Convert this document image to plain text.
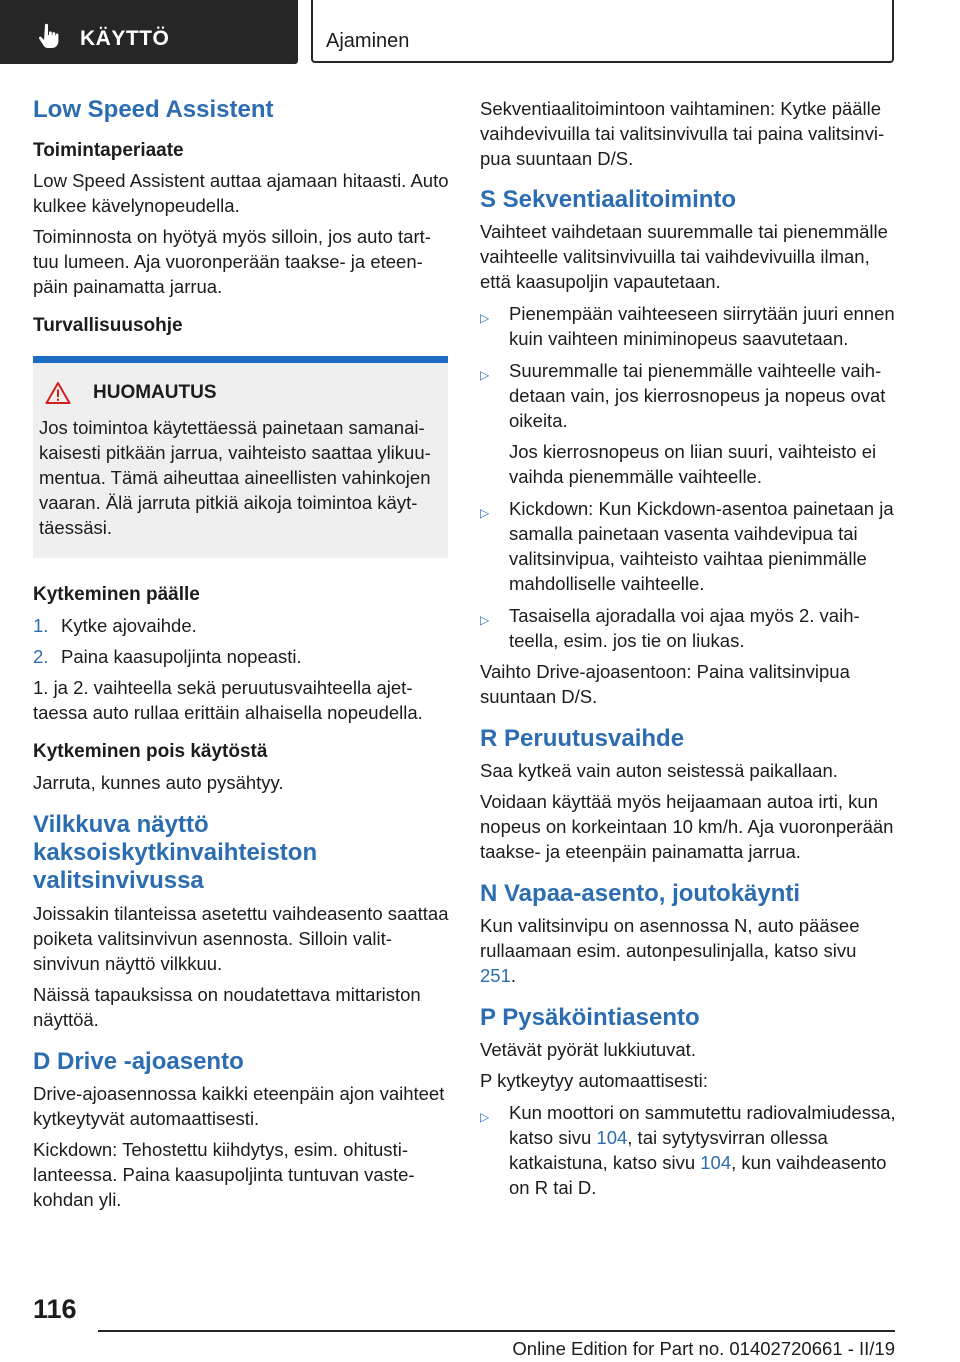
KÄYTTÖ	Ajaminen
Low Speed Assistent
Toimintaperiaate

Low Speed Assistent auttaa ajamaan hitaasti. Auto kulkee kävelynopeudella.

Toiminnosta on hyötyä myös silloin, jos auto tarttuu lumeen. Aja vuoronperään taakse- ja eteenpäin painamatta jarrua.

Turvallisuusohje
HUOMAUTUS

Jos toimintoa käytettäessä painetaan samanaikaisesti pitkään jarrua, vaihteisto saattaa ylikuumentua. Tämä aiheuttaa aineellisten vahinkojen vaaran. Älä jarruta pitkiä aikoja toimintoa käyttäessäsi.

Kytkeminen päälle
1. Kytke ajovaihde.
2. Paina kaasupoljinta nopeasti.

1. ja 2. vaihteella sekä peruutusvaihteella ajettaessa auto rullaa erittäin alhaisella nopeudella.

Kytkeminen pois käytöstä

Jarruta, kunnes auto pysähtyy.

Vilkkuva näyttö kaksoiskytkinvaihteiston valitsinvivussa

Joissakin tilanteissa asetettu vaihdeasento saattaa poiketa valitsinvivun asennosta. Silloin valitsinvivun näyttö vilkkuu.

Näissä tapauksissa on noudatettava mittariston näyttöä.

D Drive -ajoasento

Drive-ajoasennossa kaikki eteenpäin ajon vaihteet kytkeytyvät automaattisesti.

Kickdown: Tehostettu kiihdytys, esim. ohitustilanteessa. Paina kaasupoljinta tuntuvan vastekohdan yli.

Sekventiaalitoimintoon vaihtaminen: Kytke päälle vaihdevivuilla tai valitsinvivulla tai paina valitsinvipua suuntaan D/S.

S Sekventiaalitoiminto

Vaihteet vaihdetaan suuremmalle tai pienemmälle vaihteelle valitsinvivuilla tai vaihdevivuilla ilman, että kaasupoljin vapautetaan.

▷	Pienempään vaihteeseen siirrytään juuri ennen kuin vaihteen miniminopeus saavutetaan.

▷	Suuremmalle tai pienemmälle vaihteelle vaihdetaan vain, jos kierrosnopeus ja nopeus ovat oikeita.

Jos kierrosnopeus on liian suuri, vaihteisto ei vaihda pienemmälle vaihteelle.

▷	Kickdown: Kun Kickdown-asentoa painetaan ja samalla painetaan vasenta vaihdevipua tai valitsinvipua, vaihteisto vaihtaa pienimmälle mahdolliselle vaihteelle.

▷	Tasaisella ajoradalla voi ajaa myös 2. vaihteella, esim. jos tie on liukas.

Vaihto Drive-ajoasentoon: Paina valitsinvipua suuntaan D/S.

R Peruutusvaihde

Saa kytkeä vain auton seistessä paikallaan.

Voidaan käyttää myös heijaamaan autoa irti, kun nopeus on korkeintaan 10 km/h. Aja vuoronperään taakse- ja eteenpäin painamatta jarrua.

N Vapaa-asento, joutokäynti

Kun valitsinvipu on asennossa N, auto pääsee rullaamaan esim. autonpesulinjalla, katso sivu 251.

P Pysäköintiasento

Vetävät pyörät lukkiutuvat.

P kytkeytyy automaattisesti:

▷	Kun moottori on sammutettu radiovalmiudessa, katso sivu 104, tai sytytysvirran ollessa katkaistuna, katso sivu 104, kun vaihdeasento on R tai D.

116
Online Edition for Part no. 01402720661 - II/19
